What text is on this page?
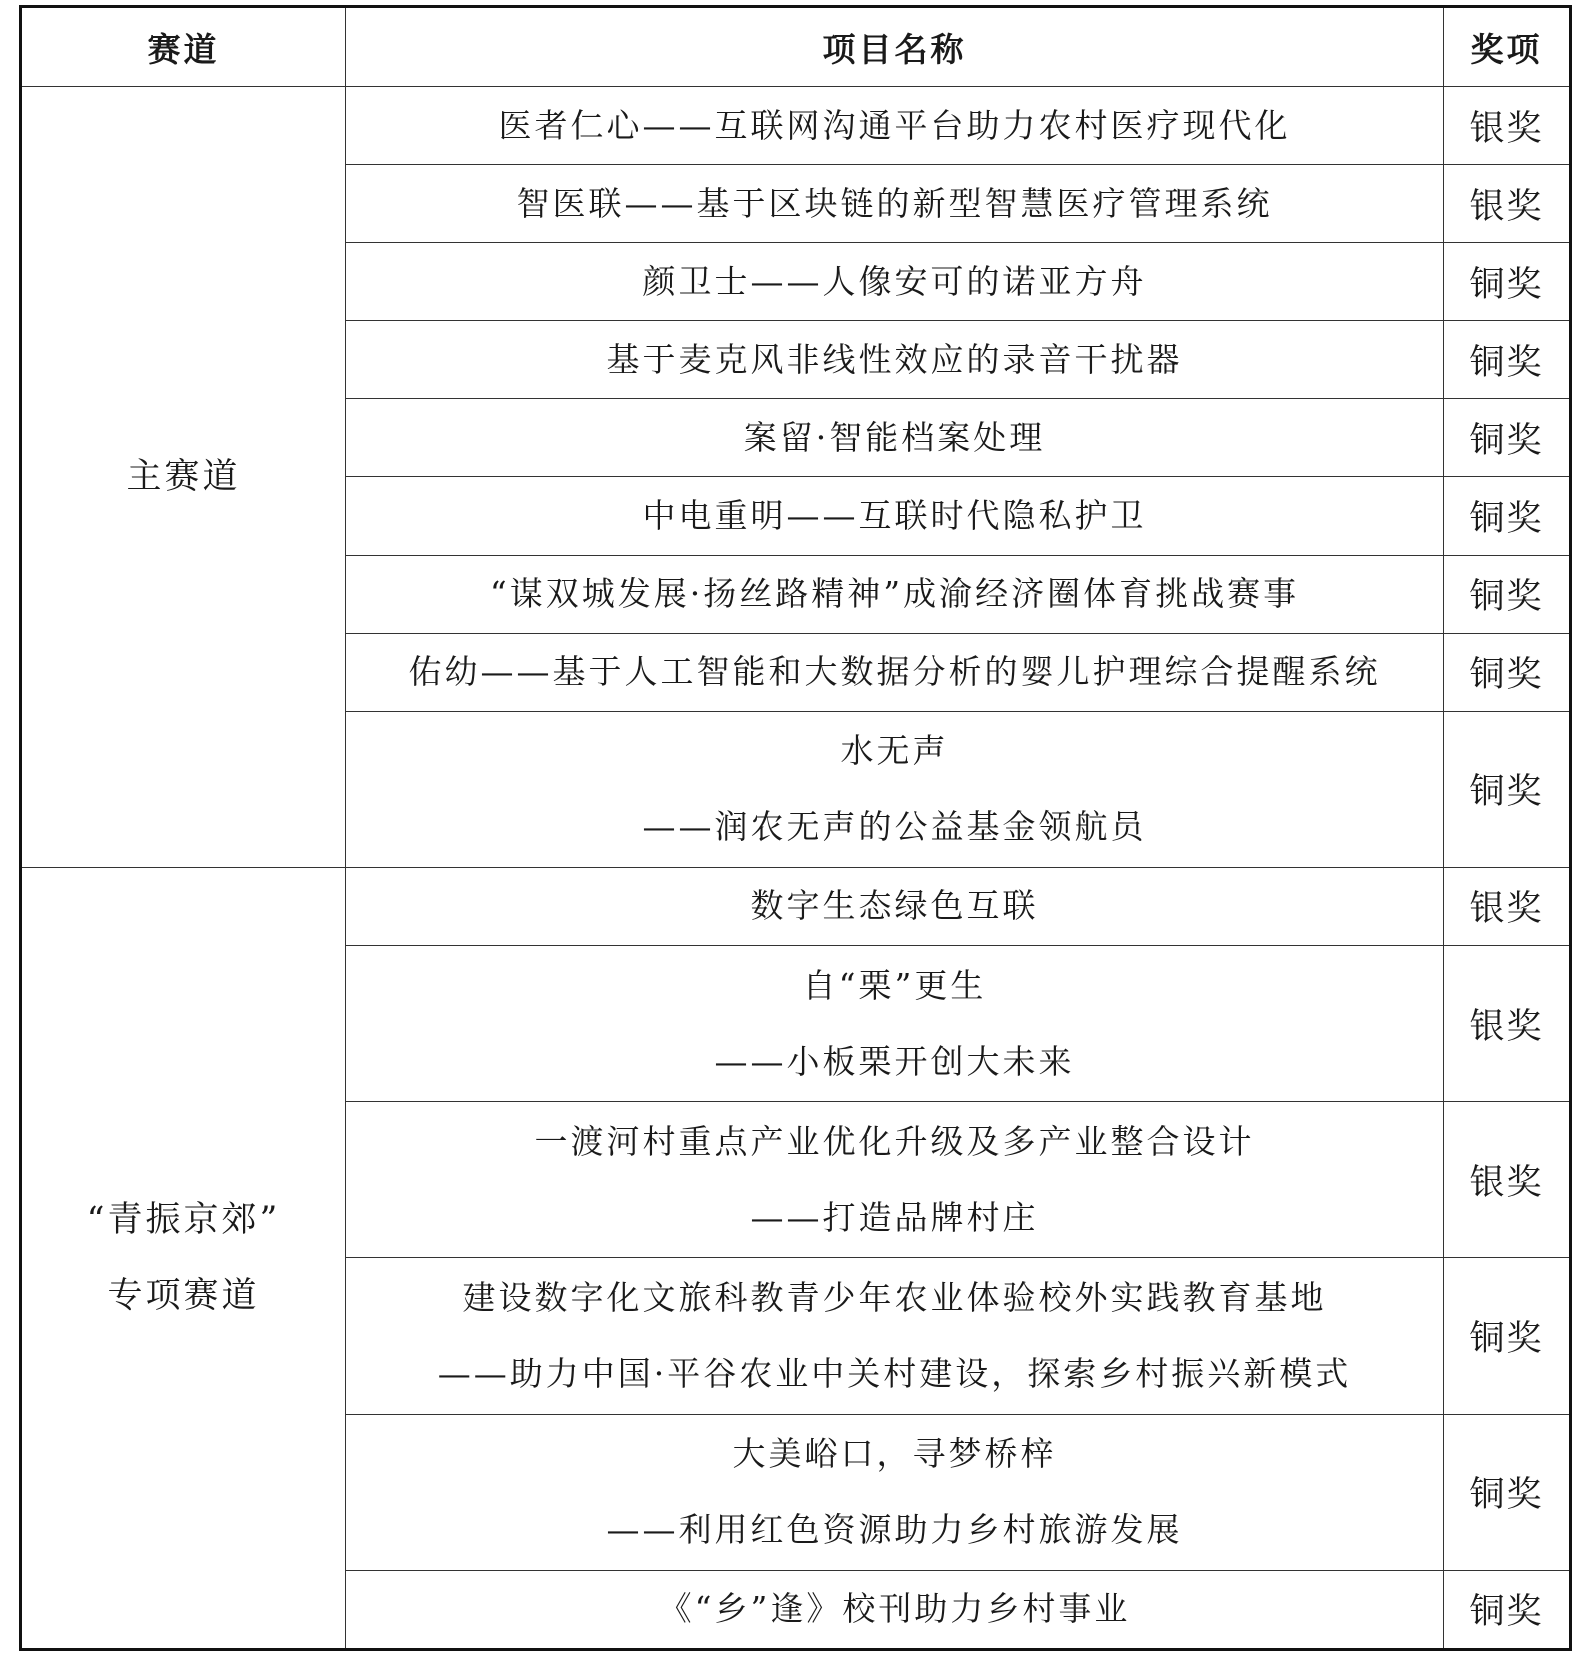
赛道	项目名称	奖项

主赛道	医者仁心——互联网沟通平台助力农村医疗现代化	银奖

	智医联——基于区块链的新型智慧医疗管理系统	银奖

	颜卫士——人像安可的诺亚方舟	铜奖

	基于麦克风非线性效应的录音干扰器	铜奖

	案留·智能档案处理	铜奖

	中电重明——互联时代隐私护卫	铜奖

	“谋双城发展·扬丝路精神”成渝经济圈体育挑战赛事	铜奖

	佑幼——基于人工智能和大数据分析的婴儿护理综合提醒系统	铜奖

	水无声
——润农无声的公益基金领航员	铜奖

“青振京郊”
专项赛道	数字生态绿色互联	银奖

	自“栗”更生
——小板栗开创大未来	银奖

	一渡河村重点产业优化升级及多产业整合设计
——打造品牌村庄	银奖

	建设数字化文旅科教青少年农业体验校外实践教育基地
——助力中国·平谷农业中关村建设，探索乡村振兴新模式	铜奖

	大美峪口，寻梦桥梓
——利用红色资源助力乡村旅游发展	铜奖

	《“乡”逢》校刊助力乡村事业	铜奖
